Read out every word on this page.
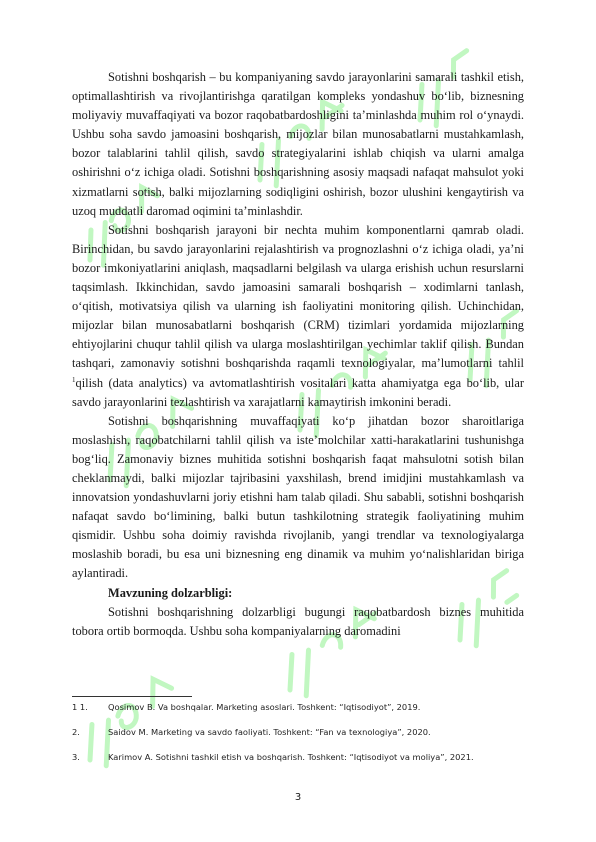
Sotishni boshqarish – bu kompaniyaning savdo jarayonlarini samarali tashkil etish, optimallashtirish va rivojlantirishga qaratilgan kompleks yondashuv bo‘lib, biznesning moliyaviy muvaffaqiyati va bozor raqobatbardoshligini ta’minlashda muhim rol o‘ynaydi. Ushbu soha savdo jamoasini boshqarish, mijozlar bilan munosabatlarni mustahkamlash, bozor talablarini tahlil qilish, savdo strategiyalarini ishlab chiqish va ularni amalga oshirishni o‘z ichiga oladi. Sotishni boshqarishning asosiy maqsadi nafaqat mahsulot yoki xizmatlarni sotish, balki mijozlarning sodiqligini oshirish, bozor ulushini kengaytirish va uzoq muddatli daromad oqimini ta’minlashdir.

Sotishni boshqarish jarayoni bir nechta muhim komponentlarni qamrab oladi. Birinchidan, bu savdo jarayonlarini rejalashtirish va prognozlashni o‘z ichiga oladi, ya’ni bozor imkoniyatlarini aniqlash, maqsadlarni belgilash va ularga erishish uchun resurslarni taqsimlash. Ikkinchidan, savdo jamoasini samarali boshqarish – xodimlarni tanlash, o‘qitish, motivatsiya qilish va ularning ish faoliyatini monitoring qilish. Uchinchidan, mijozlar bilan munosabatlarni boshqarish (CRM) tizimlari yordamida mijozlarning ehtiyojlarini chuqur tahlil qilish va ularga moslashtirilgan yechimlar taklif qilish. Bundan tashqari, zamonaviy sotishni boshqarishda raqamli texnologiyalar, ma’lumotlarni tahlil $^1$qilish (data analytics) va avtomatlashtirish vositalari katta ahamiyatga ega bo‘lib, ular savdo jarayonlarini tezlashtirish va xarajatlarni kamaytirish imkonini beradi.

Sotishni boshqarishning muvaffaqiyati ko‘p jihatdan bozor sharoitlariga moslashish, raqobatchilarni tahlil qilish va iste’molchilar xatti-harakatlarini tushunishga bog‘liq. Zamonaviy biznes muhitida sotishni boshqarish faqat mahsulotni sotish bilan cheklanmaydi, balki mijozlar tajribasini yaxshilash, brend imidjini mustahkamlash va innovatsion yondashuvlarni joriy etishni ham talab qiladi. Shu sababli, sotishni boshqarish nafaqat savdo bo‘limining, balki butun tashkilotning strategik faoliyatining muhim qismidir. Ushbu soha doimiy ravishda rivojlanib, yangi trendlar va texnologiyalarga moslashib boradi, bu esa uni biznesning eng dinamik va muhim yo‘nalishlaridan biriga aylantiradi.

Mavzuning dolzarbligi:

Sotishni boshqarishning dolzarbligi bugungi raqobatbardosh biznes muhitida tobora ortib bormoqda. Ushbu soha kompaniyalarning daromadini

1 1.	Qosimov B. Va boshqalar. Marketing asoslari. Toshkent: “Iqtisodiyot”, 2019.
2.	Saidov M. Marketing va savdo faoliyati. Toshkent: “Fan va texnologiya”, 2020.
3.	Karimov A. Sotishni tashkil etish va boshqarish. Toshkent: “Iqtisodiyot va moliya”, 2021.
3
